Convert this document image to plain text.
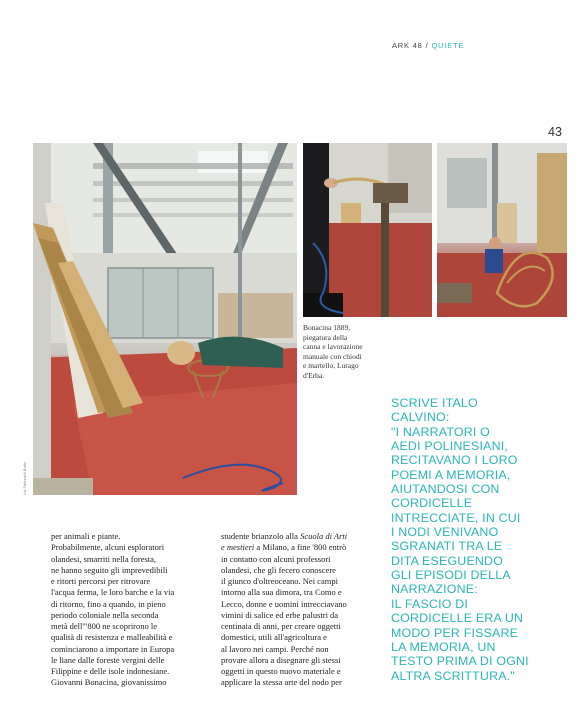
ARK 48 / QUIETE
43
Lia Fabrinelli Botto
Bonacina 1889,
piegatura della
canna e lavorazione
manuale con chiodi
e martello, Lurago
d'Erba.
SCRIVE ITALO
CALVINO:
"I NARRATORI O
AEDI POLINESIANI,
RECITAVANO I LORO
POEMI A MEMORIA,
AIUTANDOSI CON
CORDICELLE
INTRECCIATE, IN CUI
I NODI VENIVANO
SGRANATI TRA LE
DITA ESEGUENDO
GLI EPISODI DELLA
NARRAZIONE:
IL FASCIO DI
CORDICELLE ERA UN
MODO PER FISSARE
LA MEMORIA, UN
TESTO PRIMA DI OGNI
ALTRA SCRITTURA."
per animali e piante.
Probabilmente, alcuni esploratori
olandesi, smarriti nella foresta,
ne hanno seguito gli imprevedibili
e ritorti percorsi per ritrovare
l'acqua ferma, le loro barche e la via
di ritorno, fino a quando, in pieno
periodo coloniale nella seconda
metà dell'"800 ne scoprirono le
qualità di resistenza e malleabilità e
cominciarono a importare in Europa
le liane dalle foreste vergini delle
Filippine e delle isole indonesiane.
Giovanni Bonacina, giovanissimo
studente brianzolo alla Scuola di Arti
e mestieri a Milano, a fine '800 entrò
in contatto con alcuni professori
olandesi, che gli fecero conoscere
il giunco d'oltreoceano. Nei campi
intorno alla sua dimora, tra Como e
Lecco, donne e uomini intrecciavano
vimini di salice ed erbe palustri da
centinaia di anni, per creare oggetti
domestici, utili all'agricoltura e
al lavoro nei campi. Perché non
provare allora a disegnare gli stessi
oggetti in questo nuovo materiale e
applicare la stessa arte del nodo per
